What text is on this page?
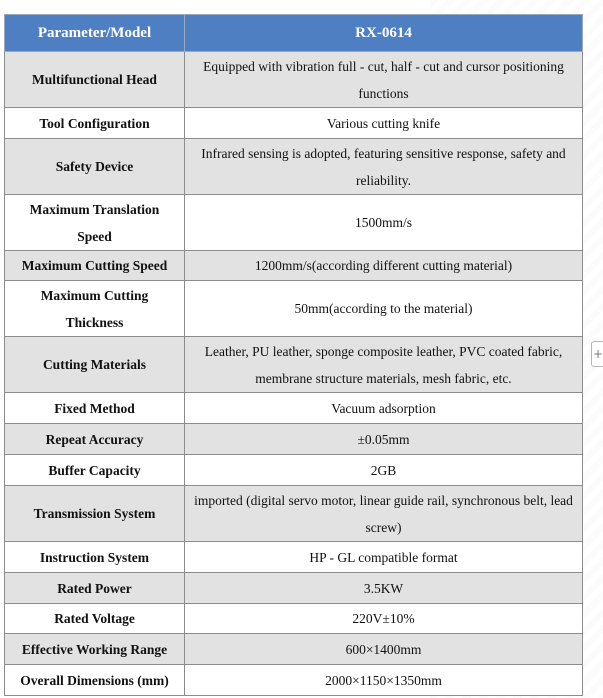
Parameter/Model	RX-0614
Multifunctional Head	Equipped with vibration full - cut, half - cut and cursor positioning functions
Tool Configuration	Various cutting knife
Safety Device	Infrared sensing is adopted, featuring sensitive response, safety and reliability.
Maximum Translation Speed	1500mm/s
Maximum Cutting Speed	1200mm/s(according different cutting material)
Maximum Cutting Thickness	50mm(according to the material)
Cutting Materials	Leather, PU leather, sponge composite leather, PVC coated fabric, membrane structure materials, mesh fabric, etc.
Fixed Method	Vacuum adsorption
Repeat Accuracy	±0.05mm
Buffer Capacity	2GB
Transmission System	imported (digital servo motor, linear guide rail, synchronous belt, lead screw)
Instruction System	HP - GL compatible format
Rated Power	3.5KW
Rated Voltage	220V±10%
Effective Working Range	600×1400mm
Overall Dimensions (mm)	2000×1150×1350mm
+
